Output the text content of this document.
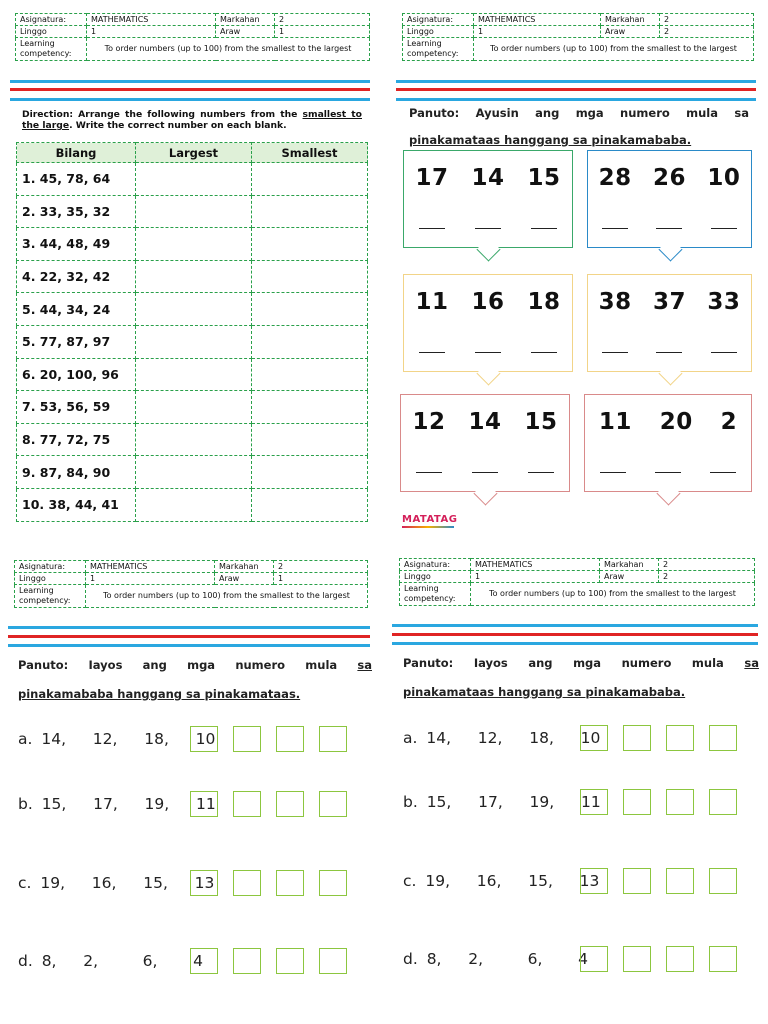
Asignatura:	MATHEMATICS	Markahan	2
Linggo	1	Araw	1
Learning competency:	To order numbers (up to 100) from the smallest to the largest		
Direction: Arrange the following numbers from the smallest to the large. Write the correct number on each blank.
Bilang	Largest	Smallest
1. 45, 78, 64		
2. 33, 35, 32		
3. 44, 48, 49		
4. 22, 32, 42		
5. 44, 34, 24		
5. 77, 87, 97		
6. 20, 100, 96		
7. 53, 56, 59		
8. 77, 72, 75		
9. 87, 84, 90		
10. 38, 44, 41		
Asignatura:	MATHEMATICS	Markahan	2
Linggo	1	Araw	2
Learning competency:	To order numbers (up to 100) from the smallest to the largest		
Panuto: Ayusin ang mga numero mula sa
pinakamataas hanggang sa pinakamababa.
17 14 15 28 26 10
11 16 18 38 37 33
12 14 15 11 20 2
MATATAG
Asignatura:	MATHEMATICS	Markahan	2
Linggo	1	Araw	1
Learning competency:	To order numbers (up to 100) from the smallest to the largest		
Panuto: Iayos ang mga numero mula sa
pinakamababa hanggang sa pinakamataas.
a. 14,   12,   18,   10
b. 15,   17,   19,   11
c. 19,   16,   15,   13
d. 8,   2,     6,    4
Asignatura:	MATHEMATICS	Markahan	2
Linggo	1	Araw	2
Learning competency:	To order numbers (up to 100) from the smallest to the largest		
Panuto: Iayos ang mga numero mula sa
pinakamataas hanggang sa pinakamababa.
a. 14,   12,   18,   10
b. 15,   17,   19,   11
c. 19,   16,   15,   13
d. 8,   2,     6,    4
